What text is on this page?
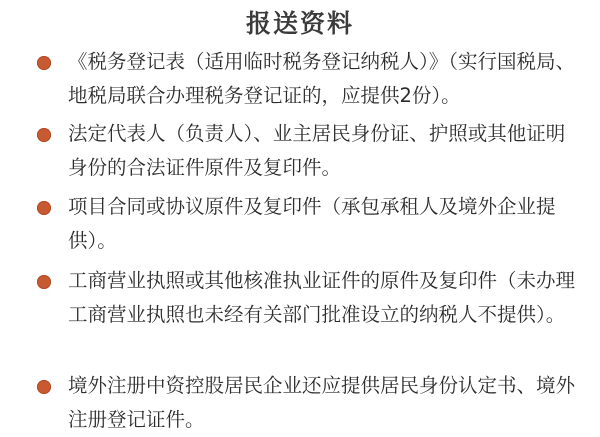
报送资料
《税务登记表（适用临时税务登记纳税人）》（实行国税局、地税局联合办理税务登记证的，应提供2份）。
法定代表人（负责人）、业主居民身份证、护照或其他证明身份的合法证件原件及复印件。
项目合同或协议原件及复印件（承包承租人及境外企业提供）。
工商营业执照或其他核准执业证件的原件及复印件（未办理工商营业执照也未经有关部门批准设立的纳税人不提供）。
境外注册中资控股居民企业还应提供居民身份认定书、境外注册登记证件。
